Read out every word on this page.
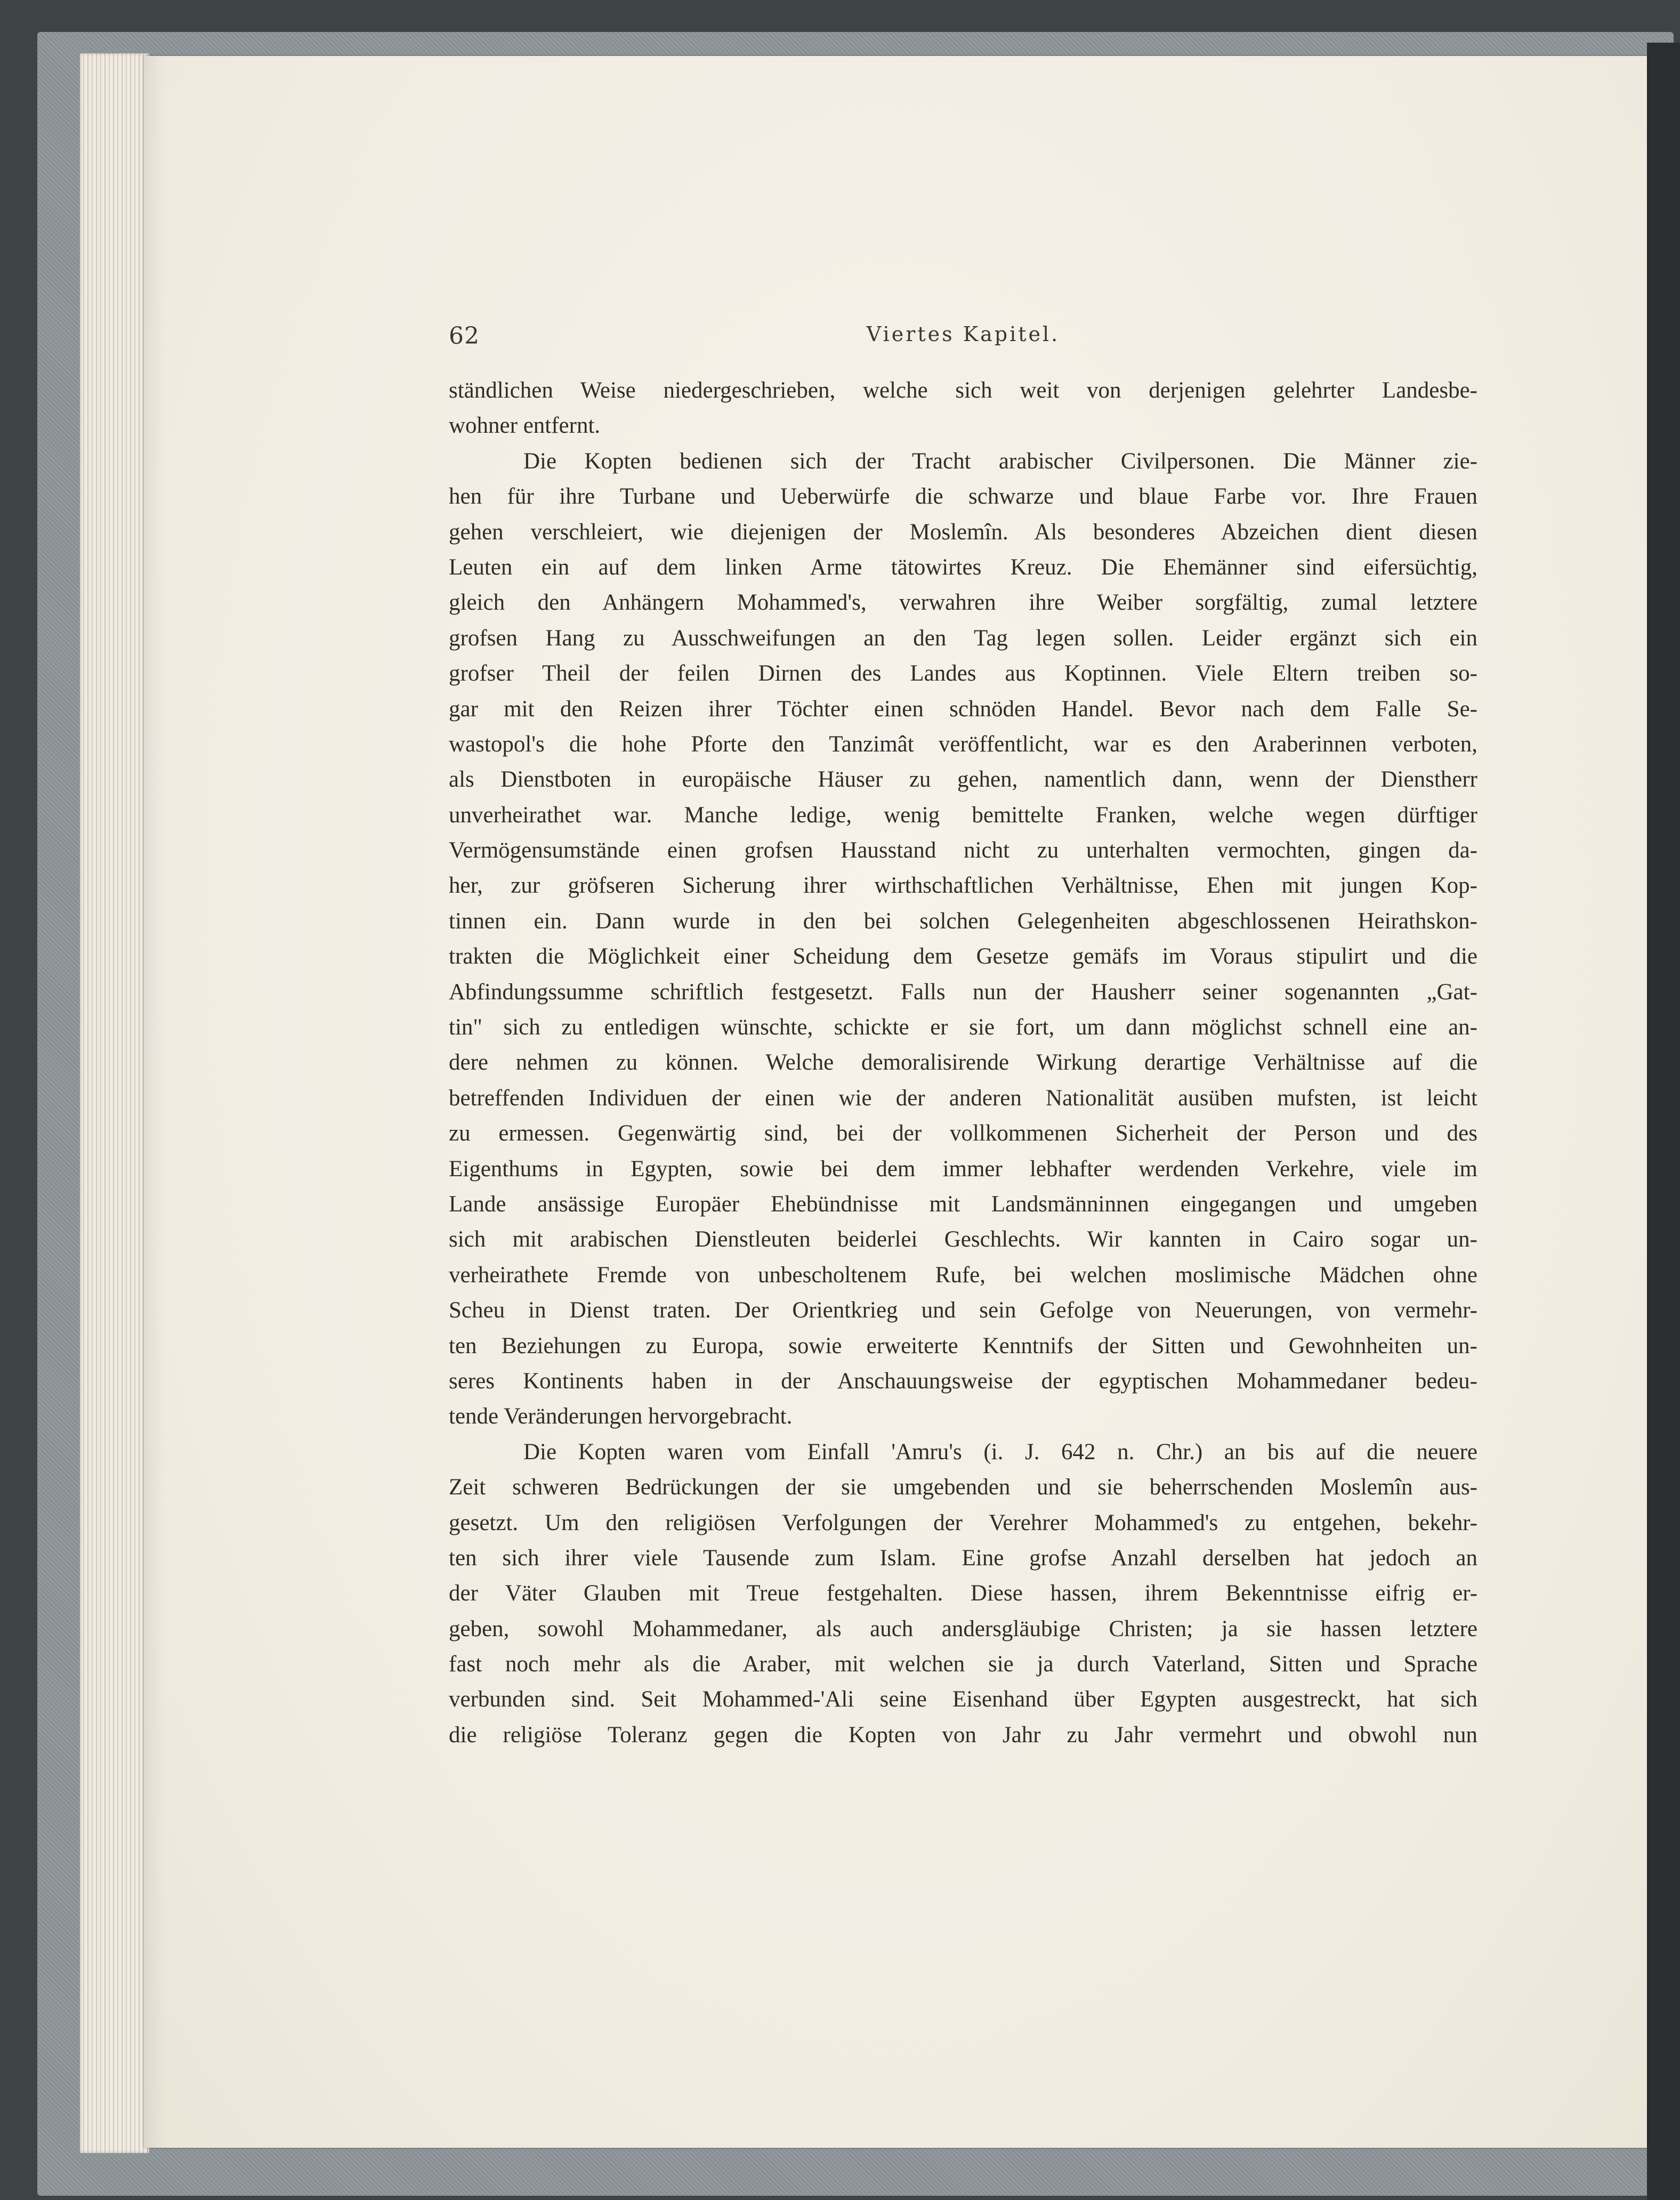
62	Viertes Kapitel.
ständlichen Weise niedergeschrieben, welche sich weit von derjenigen gelehrter Landesbe-
wohner entfernt.
Die Kopten bedienen sich der Tracht arabischer Civilpersonen. Die Männer zie-
hen für ihre Turbane und Ueberwürfe die schwarze und blaue Farbe vor. Ihre Frauen
gehen verschleiert, wie diejenigen der Moslemîn. Als besonderes Abzeichen dient diesen
Leuten ein auf dem linken Arme tätowirtes Kreuz. Die Ehemänner sind eifersüchtig,
gleich den Anhängern Mohammed's, verwahren ihre Weiber sorgfältig, zumal letztere
grofsen Hang zu Ausschweifungen an den Tag legen sollen. Leider ergänzt sich ein
grofser Theil der feilen Dirnen des Landes aus Koptinnen. Viele Eltern treiben so-
gar mit den Reizen ihrer Töchter einen schnöden Handel. Bevor nach dem Falle Se-
wastopol's die hohe Pforte den Tanzimât veröffentlicht, war es den Araberinnen verboten,
als Dienstboten in europäische Häuser zu gehen, namentlich dann, wenn der Dienstherr
unverheirathet war. Manche ledige, wenig bemittelte Franken, welche wegen dürftiger
Vermögensumstände einen grofsen Hausstand nicht zu unterhalten vermochten, gingen da-
her, zur gröfseren Sicherung ihrer wirthschaftlichen Verhältnisse, Ehen mit jungen Kop-
tinnen ein. Dann wurde in den bei solchen Gelegenheiten abgeschlossenen Heirathskon-
trakten die Möglichkeit einer Scheidung dem Gesetze gemäfs im Voraus stipulirt und die
Abfindungssumme schriftlich festgesetzt. Falls nun der Hausherr seiner sogenannten „Gat-
tin" sich zu entledigen wünschte, schickte er sie fort, um dann möglichst schnell eine an-
dere nehmen zu können. Welche demoralisirende Wirkung derartige Verhältnisse auf die
betreffenden Individuen der einen wie der anderen Nationalität ausüben mufsten, ist leicht
zu ermessen. Gegenwärtig sind, bei der vollkommenen Sicherheit der Person und des
Eigenthums in Egypten, sowie bei dem immer lebhafter werdenden Verkehre, viele im
Lande ansässige Europäer Ehebündnisse mit Landsmänninnen eingegangen und umgeben
sich mit arabischen Dienstleuten beiderlei Geschlechts. Wir kannten in Cairo sogar un-
verheirathete Fremde von unbescholtenem Rufe, bei welchen moslimische Mädchen ohne
Scheu in Dienst traten. Der Orientkrieg und sein Gefolge von Neuerungen, von vermehr-
ten Beziehungen zu Europa, sowie erweiterte Kenntnifs der Sitten und Gewohnheiten un-
seres Kontinents haben in der Anschauungsweise der egyptischen Mohammedaner bedeu-
tende Veränderungen hervorgebracht.
Die Kopten waren vom Einfall 'Amru's (i. J. 642 n. Chr.) an bis auf die neuere
Zeit schweren Bedrückungen der sie umgebenden und sie beherrschenden Moslemîn aus-
gesetzt. Um den religiösen Verfolgungen der Verehrer Mohammed's zu entgehen, bekehr-
ten sich ihrer viele Tausende zum Islam. Eine grofse Anzahl derselben hat jedoch an
der Väter Glauben mit Treue festgehalten. Diese hassen, ihrem Bekenntnisse eifrig er-
geben, sowohl Mohammedaner, als auch andersgläubige Christen; ja sie hassen letztere
fast noch mehr als die Araber, mit welchen sie ja durch Vaterland, Sitten und Sprache
verbunden sind. Seit Mohammed-'Ali seine Eisenhand über Egypten ausgestreckt, hat sich
die religiöse Toleranz gegen die Kopten von Jahr zu Jahr vermehrt und obwohl nun
